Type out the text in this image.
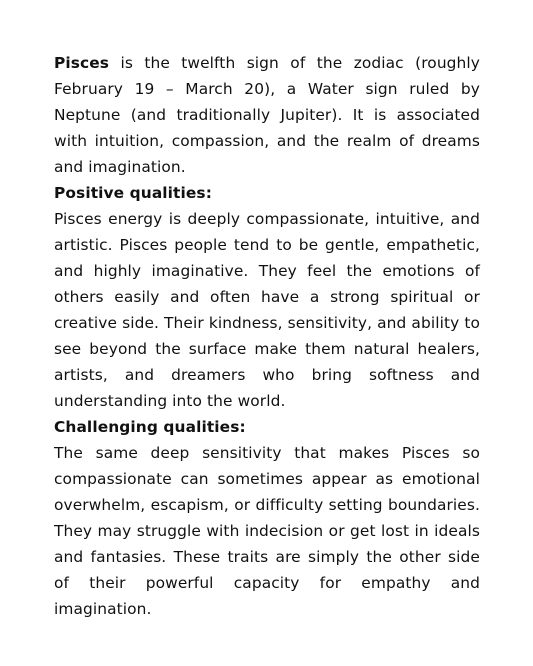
Pisces is the twelfth sign of the zodiac (roughly February 19 – March 20), a Water sign ruled by Neptune (and traditionally Jupiter). It is associated with intuition, compassion, and the realm of dreams and imagination.

Positive qualities:

Pisces energy is deeply compassionate, intuitive, and artistic. Pisces people tend to be gentle, empathetic, and highly imaginative. They feel the emotions of others easily and often have a strong spiritual or creative side. Their kindness, sensitivity, and ability to see beyond the surface make them natural healers, artists, and dreamers who bring softness and understanding into the world.

Challenging qualities:

The same deep sensitivity that makes Pisces so compassionate can sometimes appear as emotional overwhelm, escapism, or difficulty setting boundaries. They may struggle with indecision or get lost in ideals and fantasies. These traits are simply the other side of their powerful capacity for empathy and imagination.
